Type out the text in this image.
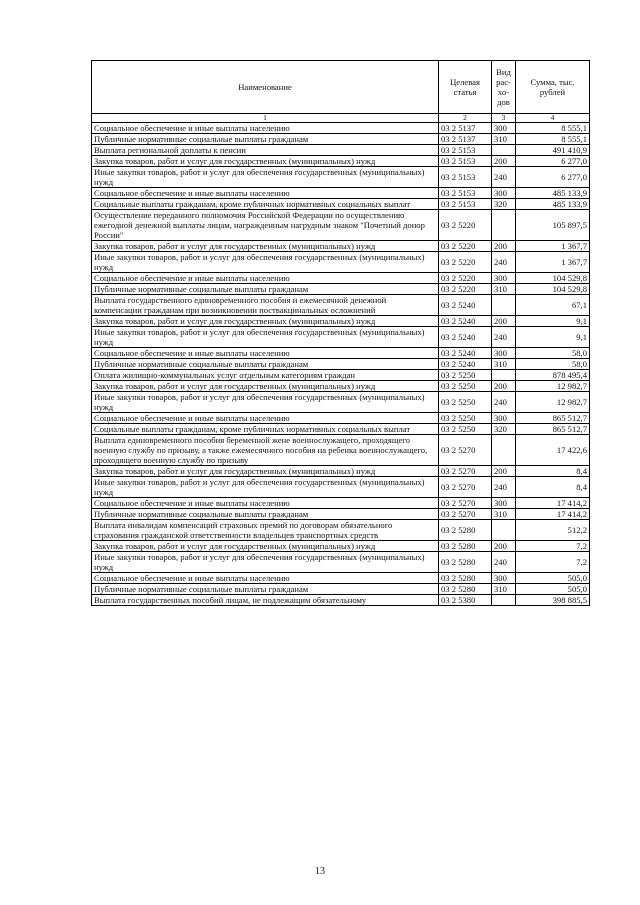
Наименование	Целевая статья	Вид рас-хо-дов	Сумма, тыс. рублей
1	2	3	4
Социальное обеспечение и иные выплаты населению	03 2 5137	300	8 555,1
Публичные нормативные социальные выплаты гражданам	03 2 5137	310	8 555,1
Выплата региональной доплаты к пенсии	03 2 5153		491 410,9
Закупка товаров, работ и услуг для государственных (муниципальных) нужд	03 2 5153	200	6 277,0
Иные закупки товаров, работ и услуг для обеспечения государственных (муниципальных) нужд	03 2 5153	240	6 277,0
Социальное обеспечение и иные выплаты населению	03 2 5153	300	485 133,9
Социальные выплаты гражданам, кроме публичных нормативных социальных выплат	03 2 5153	320	485 133,9
Осуществление переданного полномочия Российской Федерации по осуществлению ежегодной денежной выплаты лицам, награжденным нагрудным знаком "Почетный донор России"	03 2 5220		105 897,5
Закупка товаров, работ и услуг для государственных (муниципальных) нужд	03 2 5220	200	1 367,7
Иные закупки товаров, работ и услуг для обеспечения государственных (муниципальных) нужд	03 2 5220	240	1 367,7
Социальное обеспечение и иные выплаты населению	03 2 5220	300	104 529,8
Публичные нормативные социальные выплаты гражданам	03 2 5220	310	104 529,8
Выплата государственного единовременного пособия и ежемесячной денежной компенсации гражданам при возникновении поствакцинальных осложнений	03 2 5240		67,1
Закупка товаров, работ и услуг для государственных (муниципальных) нужд	03 2 5240	200	9,1
Иные закупки товаров, работ и услуг для обеспечения государственных (муниципальных) нужд	03 2 5240	240	9,1
Социальное обеспечение и иные выплаты населению	03 2 5240	300	58,0
Публичные нормативные социальные выплаты гражданам	03 2 5240	310	58,0
Оплата жилищно-коммунальных услуг отдельным категориям граждан	03 2 5250		878 495,4
Закупка товаров, работ и услуг для государственных (муниципальных) нужд	03 2 5250	200	12 982,7
Иные закупки товаров, работ и услуг для обеспечения государственных (муниципальных) нужд	03 2 5250	240	12 982,7
Социальное обеспечение и иные выплаты населению	03 2 5250	300	865 512,7
Социальные выплаты гражданам, кроме публичных нормативных социальных выплат	03 2 5250	320	865 512,7
Выплата единовременного пособия беременной жене военнослужащего, проходящего военную службу по призыву, а также ежемесячного пособия на ребенка военнослужащего, проходящего военную службу по призыву	03 2 5270		17 422,6
Закупка товаров, работ и услуг для государственных (муниципальных) нужд	03 2 5270	200	8,4
Иные закупки товаров, работ и услуг для обеспечения государственных (муниципальных) нужд	03 2 5270	240	8,4
Социальное обеспечение и иные выплаты населению	03 2 5270	300	17 414,2
Публичные нормативные социальные выплаты гражданам	03 2 5270	310	17 414,2
Выплата инвалидам компенсаций страховых премий по договорам обязательного страхования гражданской ответственности владельцев транспортных средств	03 2 5280		512,2
Закупка товаров, работ и услуг для государственных (муниципальных) нужд	03 2 5280	200	7,2
Иные закупки товаров, работ и услуг для обеспечения государственных (муниципальных) нужд	03 2 5280	240	7,2
Социальное обеспечение и иные выплаты населению	03 2 5280	300	505,0
Публичные нормативные социальные выплаты гражданам	03 2 5280	310	505,0
Выплата государственных пособий лицам, не подлежащим обязательному	03 2 5380		398 885,5
13
